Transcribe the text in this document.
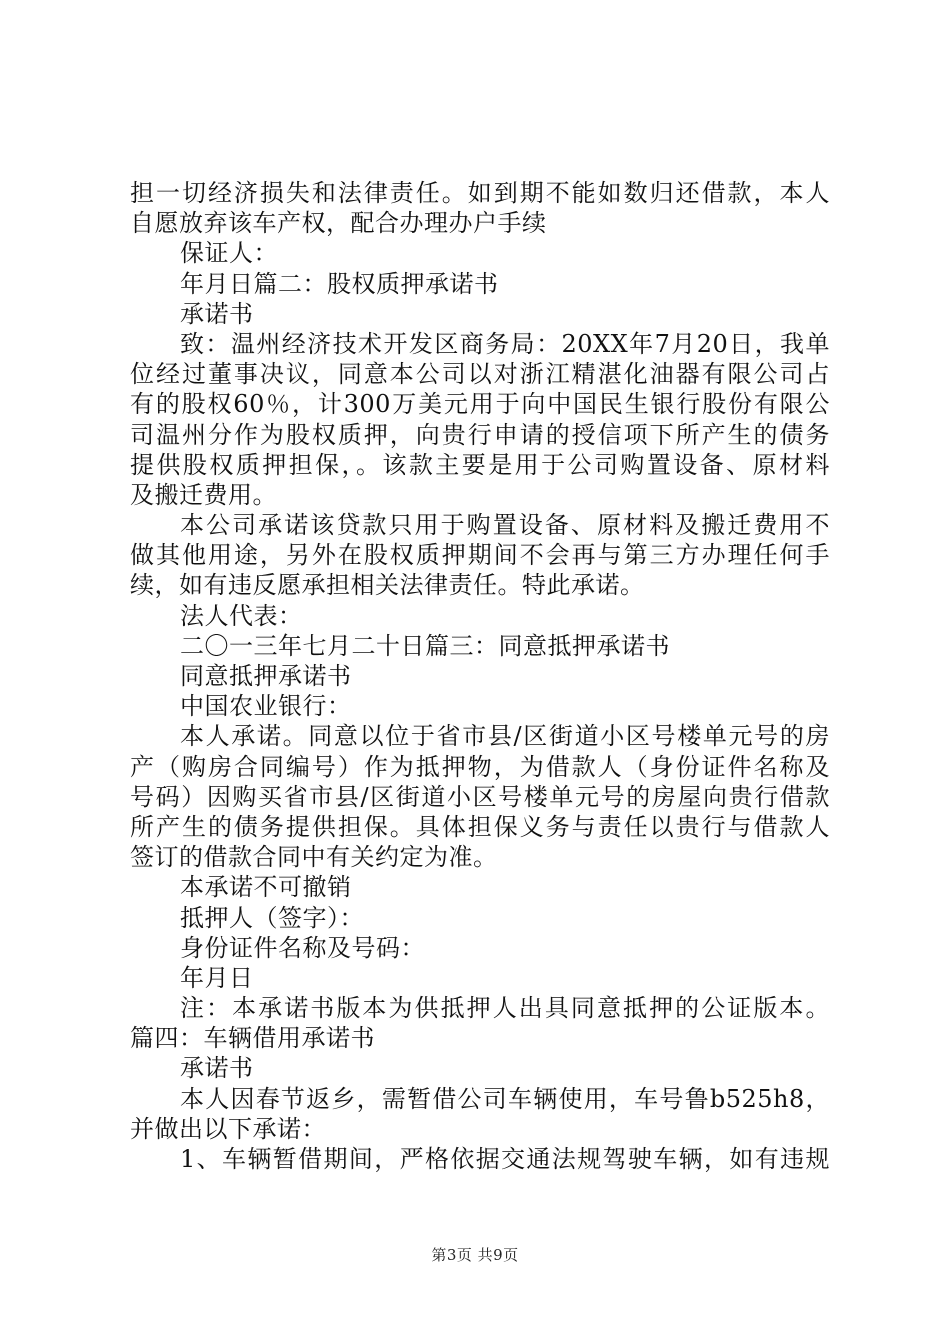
担一切经济损失和法律责任。如到期不能如数归还借款，本人
自愿放弃该车产权，配合办理办户手续
保证人：
年月日篇二：股权质押承诺书
承诺书
致：温州经济技术开发区商务局：20XX年7月20日，我单
位经过董事决议，同意本公司以对浙江精湛化油器有限公司占
有的股权60％，计300万美元用于向中国民生银行股份有限公
司温州分作为股权质押，向贵行申请的授信项下所产生的债务
提供股权质押担保，。该款主要是用于公司购置设备、原材料
及搬迁费用。
本公司承诺该贷款只用于购置设备、原材料及搬迁费用不
做其他用途，另外在股权质押期间不会再与第三方办理任何手
续，如有违反愿承担相关法律责任。特此承诺。
法人代表：
二〇一三年七月二十日篇三：同意抵押承诺书
同意抵押承诺书
中国农业银行：
本人承诺。同意以位于省市县/区街道小区号楼单元号的房
产（购房合同编号）作为抵押物，为借款人（身份证件名称及
号码）因购买省市县/区街道小区号楼单元号的房屋向贵行借款
所产生的债务提供担保。具体担保义务与责任以贵行与借款人
签订的借款合同中有关约定为准。
本承诺不可撤销
抵押人（签字）：
身份证件名称及号码：
年月日
注：本承诺书版本为供抵押人出具同意抵押的公证版本。
篇四：车辆借用承诺书
承诺书
本人因春节返乡，需暂借公司车辆使用，车号鲁b525h8，
并做出以下承诺：
1、车辆暂借期间，严格依据交通法规驾驶车辆，如有违规
第3页 共9页
